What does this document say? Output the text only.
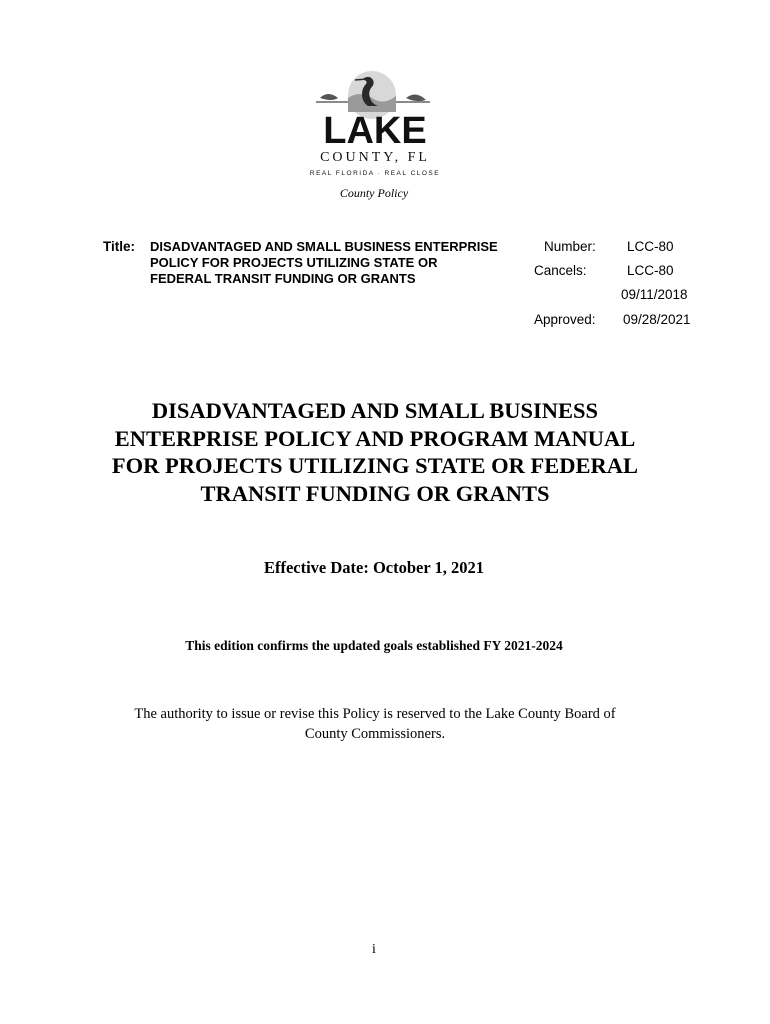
LAKE
COUNTY, FL
REAL FLORIDA · REAL CLOSE
County Policy
Title: DISADVANTAGED AND SMALL BUSINESS ENTERPRISE
POLICY FOR PROJECTS UTILIZING STATE OR
FEDERAL TRANSIT FUNDING OR GRANTS
Number: LCC-80
Cancels:	LCC-80
09/11/2018
Approved: 09/28/2021
DISADVANTAGED AND SMALL BUSINESS
ENTERPRISE POLICY AND PROGRAM MANUAL
FOR PROJECTS UTILIZING STATE OR FEDERAL
TRANSIT FUNDING OR GRANTS
Effective Date: October 1, 2021
This edition confirms the updated goals established FY 2021-2024
The authority to issue or revise this Policy is reserved to the Lake County Board of
County Commissioners.
i
